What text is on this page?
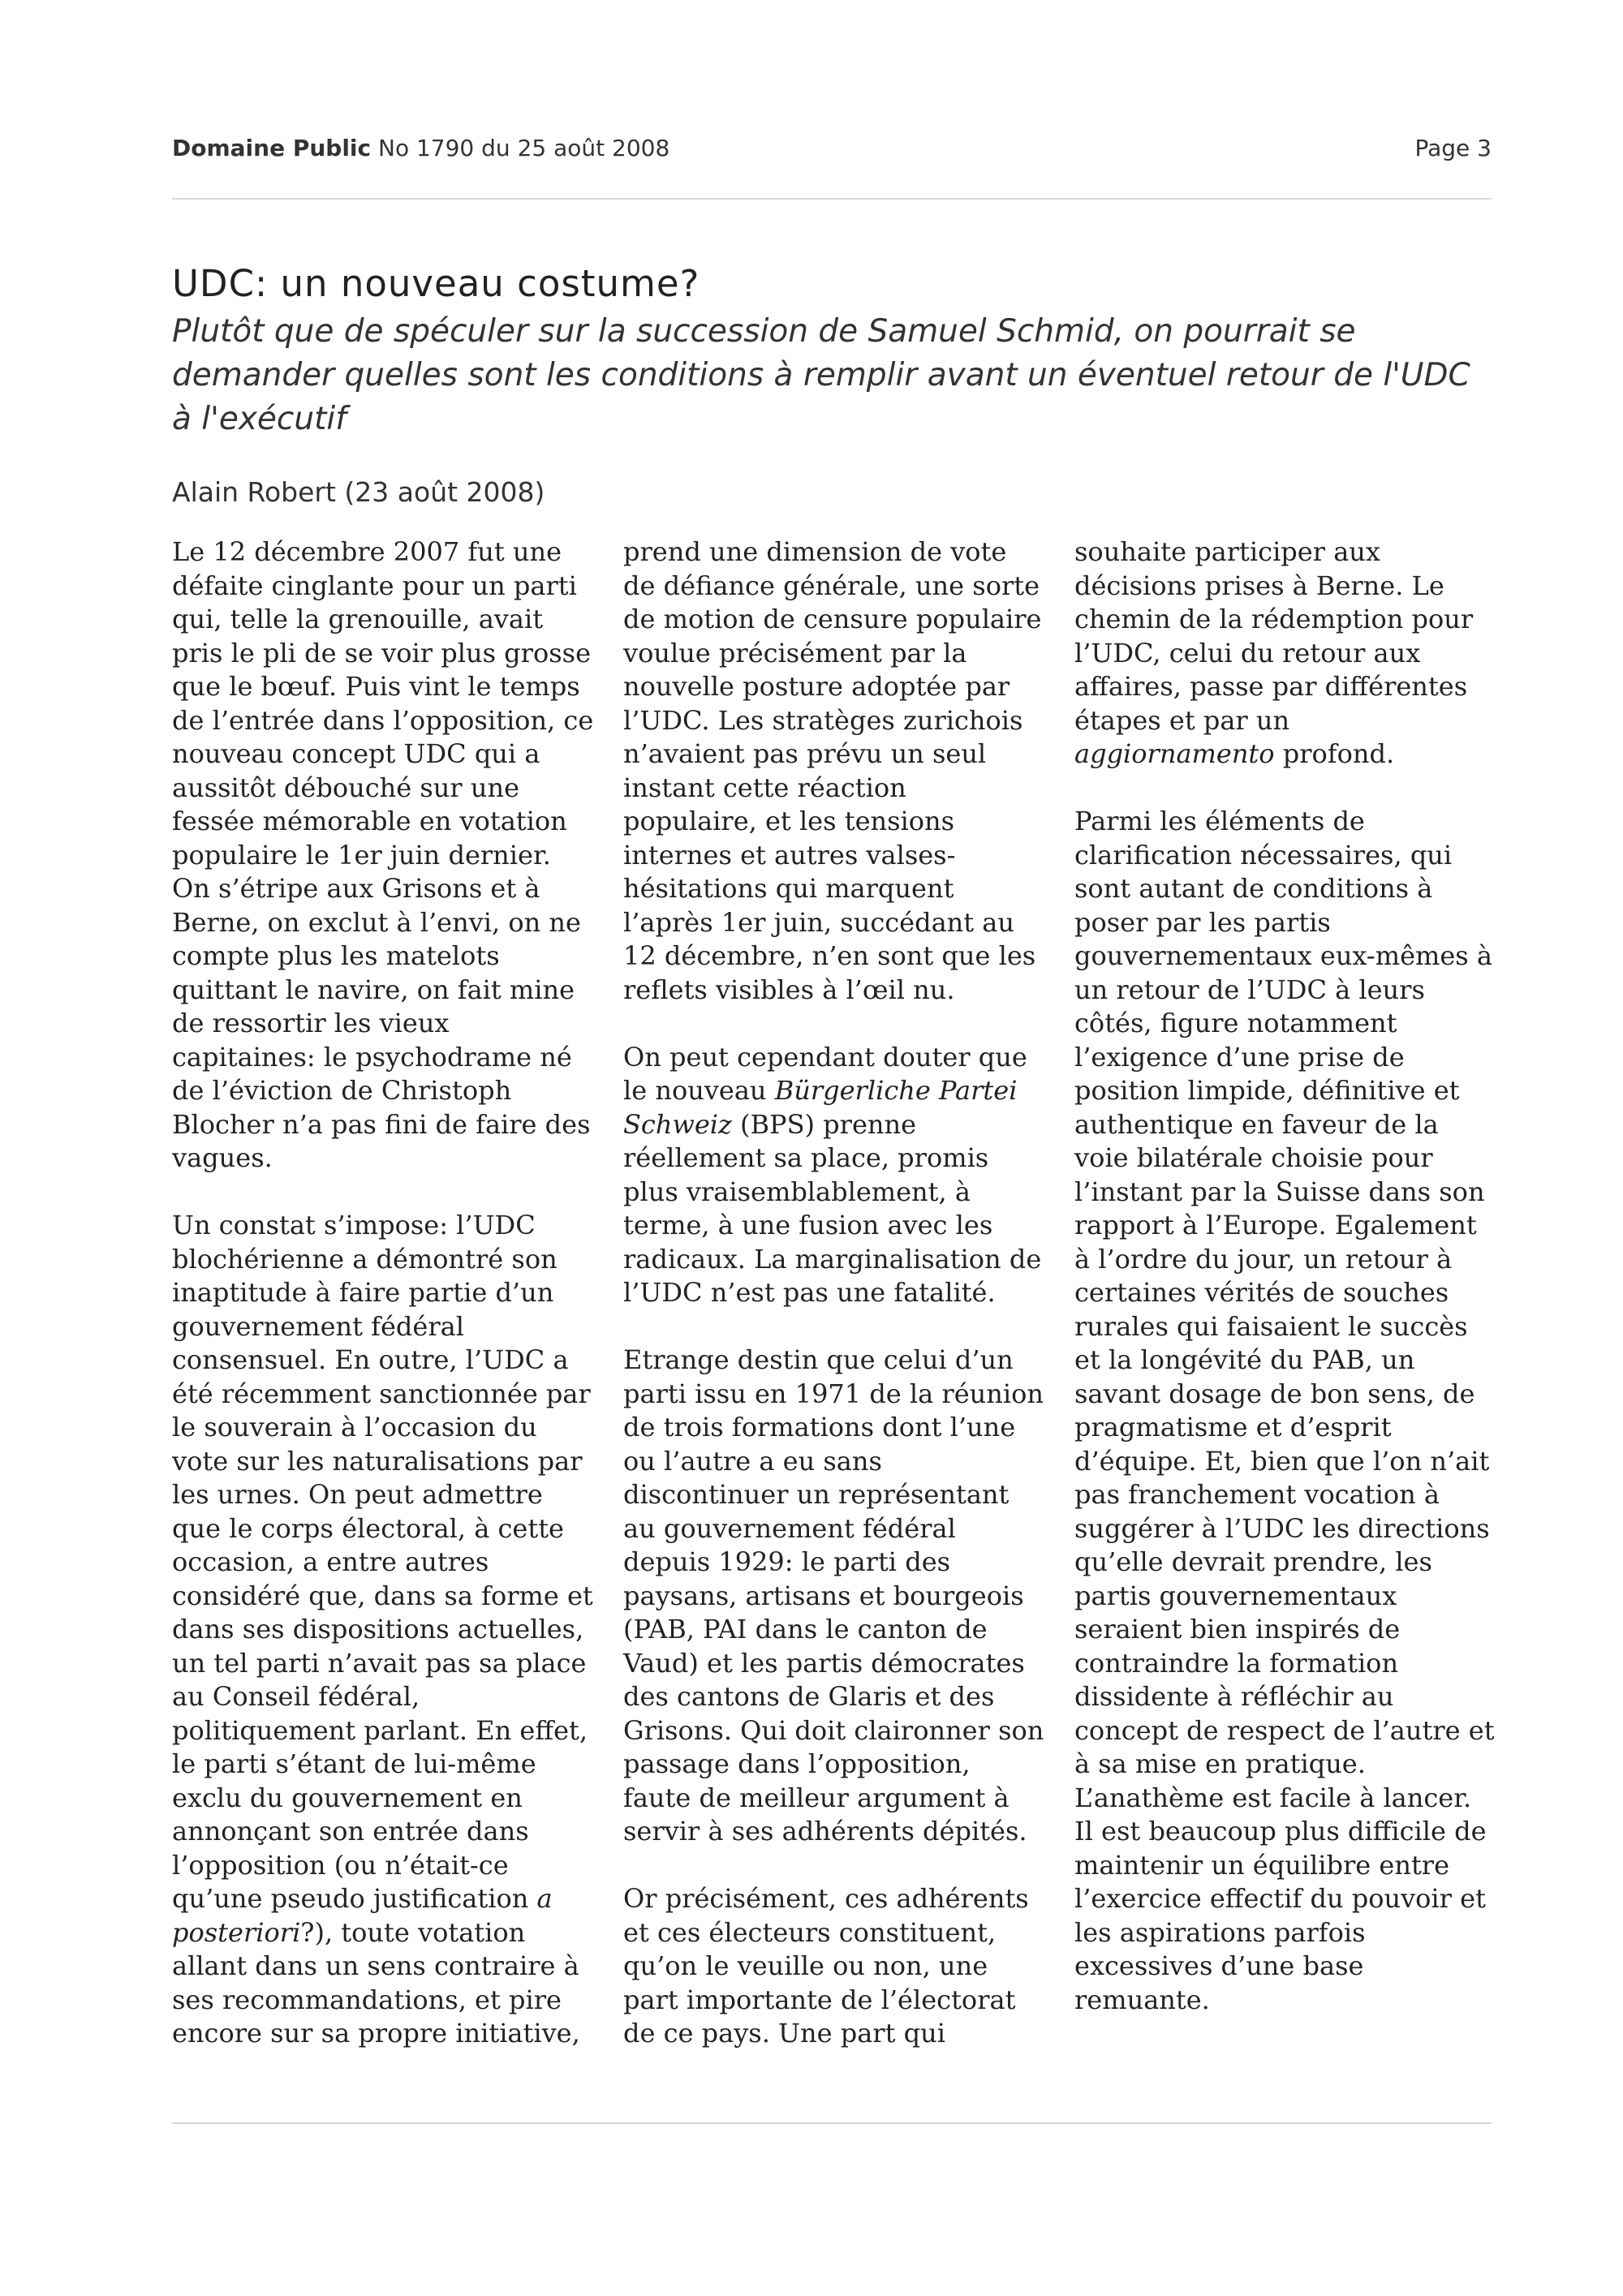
Domaine Public No 1790 du 25 août 2008	Page 3
UDC: un nouveau costume?

Plutôt que de spéculer sur la succession de Samuel Schmid, on pourrait se demander quelles sont les conditions à remplir avant un éventuel retour de l'UDC à l'exécutif

Alain Robert (23 août 2008)

Le 12 décembre 2007 fut une défaite cinglante pour un parti qui, telle la grenouille, avait pris le pli de se voir plus grosse que le bœuf. Puis vint le temps de l’entrée dans l’opposition, ce nouveau concept UDC qui a aussitôt débouché sur une fessée mémorable en votation populaire le 1er juin dernier. On s’étripe aux Grisons et à Berne, on exclut à l’envi, on ne compte plus les matelots quittant le navire, on fait mine de ressortir les vieux capitaines: le psychodrame né de l’éviction de Christoph Blocher n’a pas fini de faire des vagues.

Un constat s’impose: l’UDC blochérienne a démontré son inaptitude à faire partie d’un gouvernement fédéral consensuel. En outre, l’UDC a été récemment sanctionnée par le souverain à l’occasion du vote sur les naturalisations par les urnes. On peut admettre que le corps électoral, à cette occasion, a entre autres considéré que, dans sa forme et dans ses dispositions actuelles, un tel parti n’avait pas sa place au Conseil fédéral, politiquement parlant. En effet, le parti s’étant de lui-même exclu du gouvernement en annonçant son entrée dans l’opposition (ou n’était-ce qu’une pseudo justification a posteriori?), toute votation allant dans un sens contraire à ses recommandations, et pire encore sur sa propre initiative,

prend une dimension de vote de défiance générale, une sorte de motion de censure populaire voulue précisément par la nouvelle posture adoptée par l’UDC. Les stratèges zurichois n’avaient pas prévu un seul instant cette réaction populaire, et les tensions internes et autres valses-hésitations qui marquent l’après 1er juin, succédant au 12 décembre, n’en sont que les reflets visibles à l’œil nu.

On peut cependant douter que le nouveau Bürgerliche Partei Schweiz (BPS) prenne réellement sa place, promis plus vraisemblablement, à terme, à une fusion avec les radicaux. La marginalisation de l’UDC n’est pas une fatalité.

Etrange destin que celui d’un parti issu en 1971 de la réunion de trois formations dont l’une ou l’autre a eu sans discontinuer un représentant au gouvernement fédéral depuis 1929: le parti des paysans, artisans et bourgeois (PAB, PAI dans le canton de Vaud) et les partis démocrates des cantons de Glaris et des Grisons. Qui doit claironner son passage dans l’opposition, faute de meilleur argument à servir à ses adhérents dépités.

Or précisément, ces adhérents et ces électeurs constituent, qu’on le veuille ou non, une part importante de l’électorat de ce pays. Une part qui

souhaite participer aux décisions prises à Berne. Le chemin de la rédemption pour l’UDC, celui du retour aux affaires, passe par différentes étapes et par un aggiornamento profond.

Parmi les éléments de clarification nécessaires, qui sont autant de conditions à poser par les partis gouvernementaux eux-mêmes à un retour de l’UDC à leurs côtés, figure notamment l’exigence d’une prise de position limpide, définitive et authentique en faveur de la voie bilatérale choisie pour l’instant par la Suisse dans son rapport à l’Europe. Egalement à l’ordre du jour, un retour à certaines vérités de souches rurales qui faisaient le succès et la longévité du PAB, un savant dosage de bon sens, de pragmatisme et d’esprit d’équipe. Et, bien que l’on n’ait pas franchement vocation à suggérer à l’UDC les directions qu’elle devrait prendre, les partis gouvernementaux seraient bien inspirés de contraindre la formation dissidente à réfléchir au concept de respect de l’autre et à sa mise en pratique. L’anathème est facile à lancer. Il est beaucoup plus difficile de maintenir un équilibre entre l’exercice effectif du pouvoir et les aspirations parfois excessives d’une base remuante.
